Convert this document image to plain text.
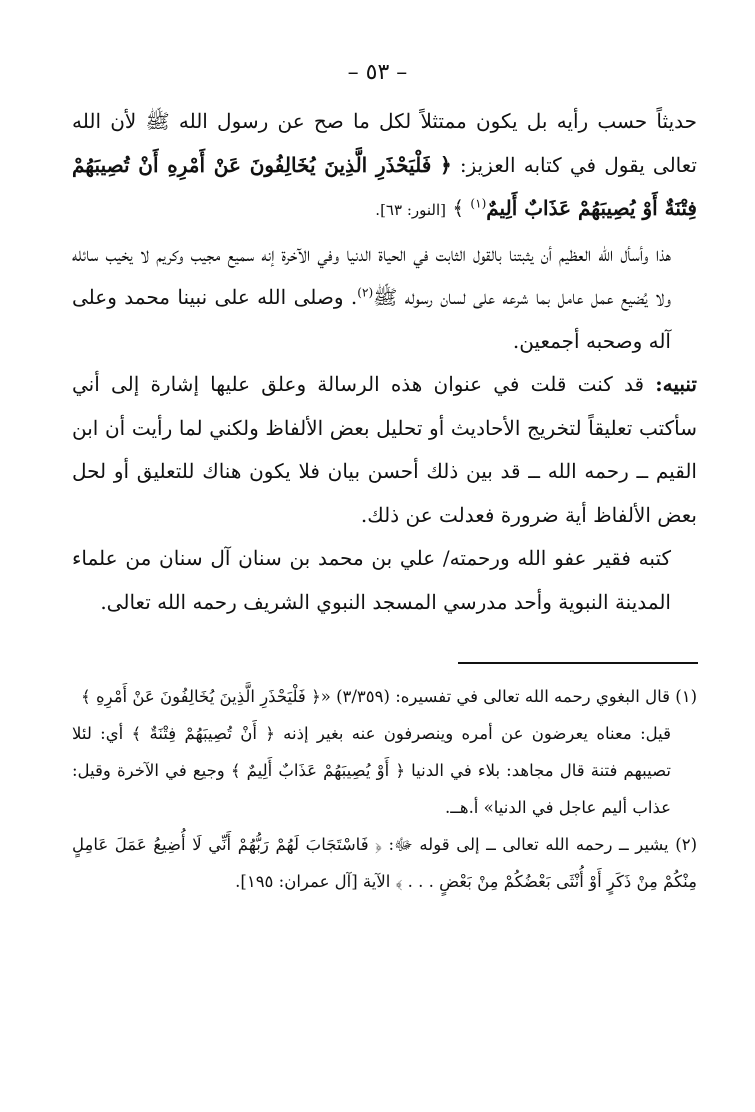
– ٥٣ –

حديثاً حسب رأيه بل يكون ممتثلاً لكل ما صح عن رسول الله ﷺ لأن الله تعالى يقول في كتابه العزيز: ﴿ فَلْيَحْذَرِ الَّذِينَ يُخَالِفُونَ عَنْ أَمْرِهِ أَنْ تُصِيبَهُمْ فِتْنَةٌ أَوْ يُصِيبَهُمْ عَذَابٌ أَلِيمٌ$^{(١)}$ ﴾ [النور: ٦٣].

هذا وأسأل الله العظيم أن يثبتنا بالقول الثابت في الحياة الدنيا وفي الآخرة إنه سميع مجيب وكريم لا يخيب سائله ولا يُضيع عمل عامل بما شرعه على لسان رسوله ﷺ$^{(٢)}$. وصلى الله على نبينا محمد وعلى آله وصحبه أجمعين.

تنبيه: قد كنت قلت في عنوان هذه الرسالة وعلق عليها إشارة إلى أني سأكتب تعليقاً لتخريج الأحاديث أو تحليل بعض الألفاظ ولكني لما رأيت أن ابن القيم ــ رحمه الله ــ قد بين ذلك أحسن بيان فلا يكون هناك للتعليق أو لحل بعض الألفاظ أية ضرورة فعدلت عن ذلك.

كتبه فقير عفو الله ورحمته/ علي بن محمد بن سنان آل سنان من علماء المدينة النبوية وأحد مدرسي المسجد النبوي الشريف رحمه الله تعالى.

(١) قال البغوي رحمه الله تعالى في تفسيره: (٣/٣٥٩) «﴿ فَلْيَحْذَرِ الَّذِينَ يُخَالِفُونَ عَنْ أَمْرِهِ ﴾

قيل: معناه يعرضون عن أمره وينصرفون عنه بغير إذنه ﴿ أَنْ تُصِيبَهُمْ فِتْنَةٌ ﴾ أي: لئلا تصيبهم فتنة قال مجاهد: بلاء في الدنيا ﴿ أَوْ يُصِيبَهُمْ عَذَابٌ أَلِيمٌ ﴾ وجيع في الآخرة وقيل: عذاب أليم عاجل في الدنيا» أ.هــ.

(٢) يشير ــ رحمه الله تعالى ــ إلى قوله ﷻ: ﴿ فَاسْتَجَابَ لَهُمْ رَبُّهُمْ أَنِّي لَا أُضِيعُ عَمَلَ عَامِلٍ مِنْكُمْ مِنْ ذَكَرٍ أَوْ أُنْثَى بَعْضُكُمْ مِنْ بَعْضٍ . . . ﴾ الآية [آل عمران: ١٩٥].
